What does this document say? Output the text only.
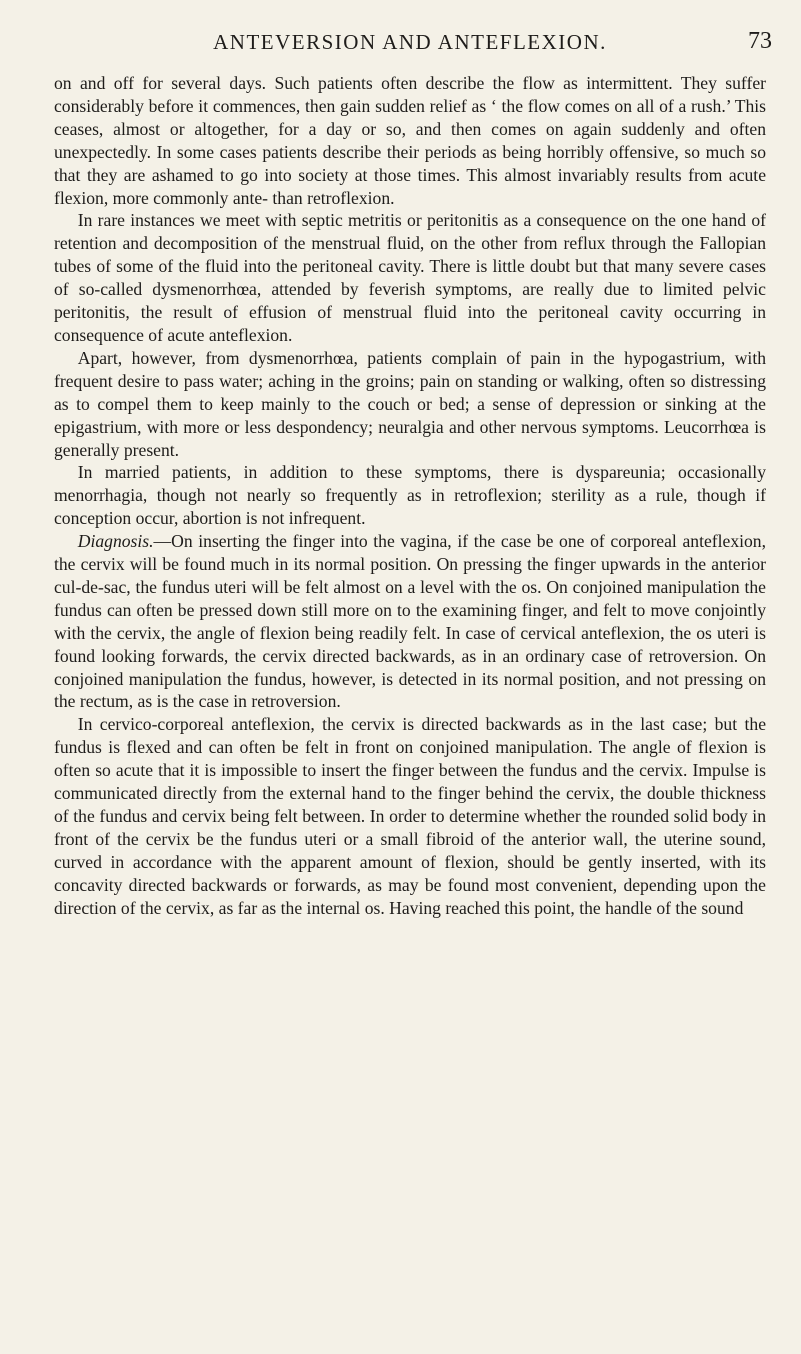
ANTEVERSION AND ANTEFLEXION.	73

on and off for several days. Such patients often describe the flow as intermittent. They suffer considerably before it commences, then gain sudden relief as ‘ the flow comes on all of a rush.’ This ceases, almost or altogether, for a day or so, and then comes on again suddenly and often unexpectedly. In some cases patients describe their periods as being horribly offensive, so much so that they are ashamed to go into society at those times. This almost invariably results from acute flexion, more commonly ante- than retroflexion.

In rare instances we meet with septic metritis or peritonitis as a consequence on the one hand of retention and decomposition of the menstrual fluid, on the other from reflux through the Fallopian tubes of some of the fluid into the peritoneal cavity. There is little doubt but that many severe cases of so-called dysmenorrhœa, attended by feverish symptoms, are really due to limited pelvic peritonitis, the result of effusion of menstrual fluid into the peritoneal cavity occurring in consequence of acute anteflexion.

Apart, however, from dysmenorrhœa, patients complain of pain in the hypogastrium, with frequent desire to pass water; aching in the groins; pain on standing or walking, often so distressing as to compel them to keep mainly to the couch or bed; a sense of depression or sinking at the epigastrium, with more or less despondency; neuralgia and other nervous symptoms. Leucorrhœa is generally present.

In married patients, in addition to these symptoms, there is dyspareunia; occasionally menorrhagia, though not nearly so frequently as in retroflexion; sterility as a rule, though if conception occur, abortion is not infrequent.

Diagnosis.—On inserting the finger into the vagina, if the case be one of corporeal anteflexion, the cervix will be found much in its normal position. On pressing the finger upwards in the anterior cul-de-sac, the fundus uteri will be felt almost on a level with the os. On conjoined manipulation the fundus can often be pressed down still more on to the examining finger, and felt to move conjointly with the cervix, the angle of flexion being readily felt. In case of cervical anteflexion, the os uteri is found looking forwards, the cervix directed backwards, as in an ordinary case of retroversion. On conjoined manipulation the fundus, however, is detected in its normal position, and not pressing on the rectum, as is the case in retroversion.

In cervico-corporeal anteflexion, the cervix is directed backwards as in the last case; but the fundus is flexed and can often be felt in front on conjoined manipulation. The angle of flexion is often so acute that it is impossible to insert the finger between the fundus and the cervix. Impulse is communicated directly from the external hand to the finger behind the cervix, the double thickness of the fundus and cervix being felt between. In order to determine whether the rounded solid body in front of the cervix be the fundus uteri or a small fibroid of the anterior wall, the uterine sound, curved in accordance with the apparent amount of flexion, should be gently inserted, with its concavity directed backwards or forwards, as may be found most convenient, depending upon the direction of the cervix, as far as the internal os. Having reached this point, the handle of the sound
